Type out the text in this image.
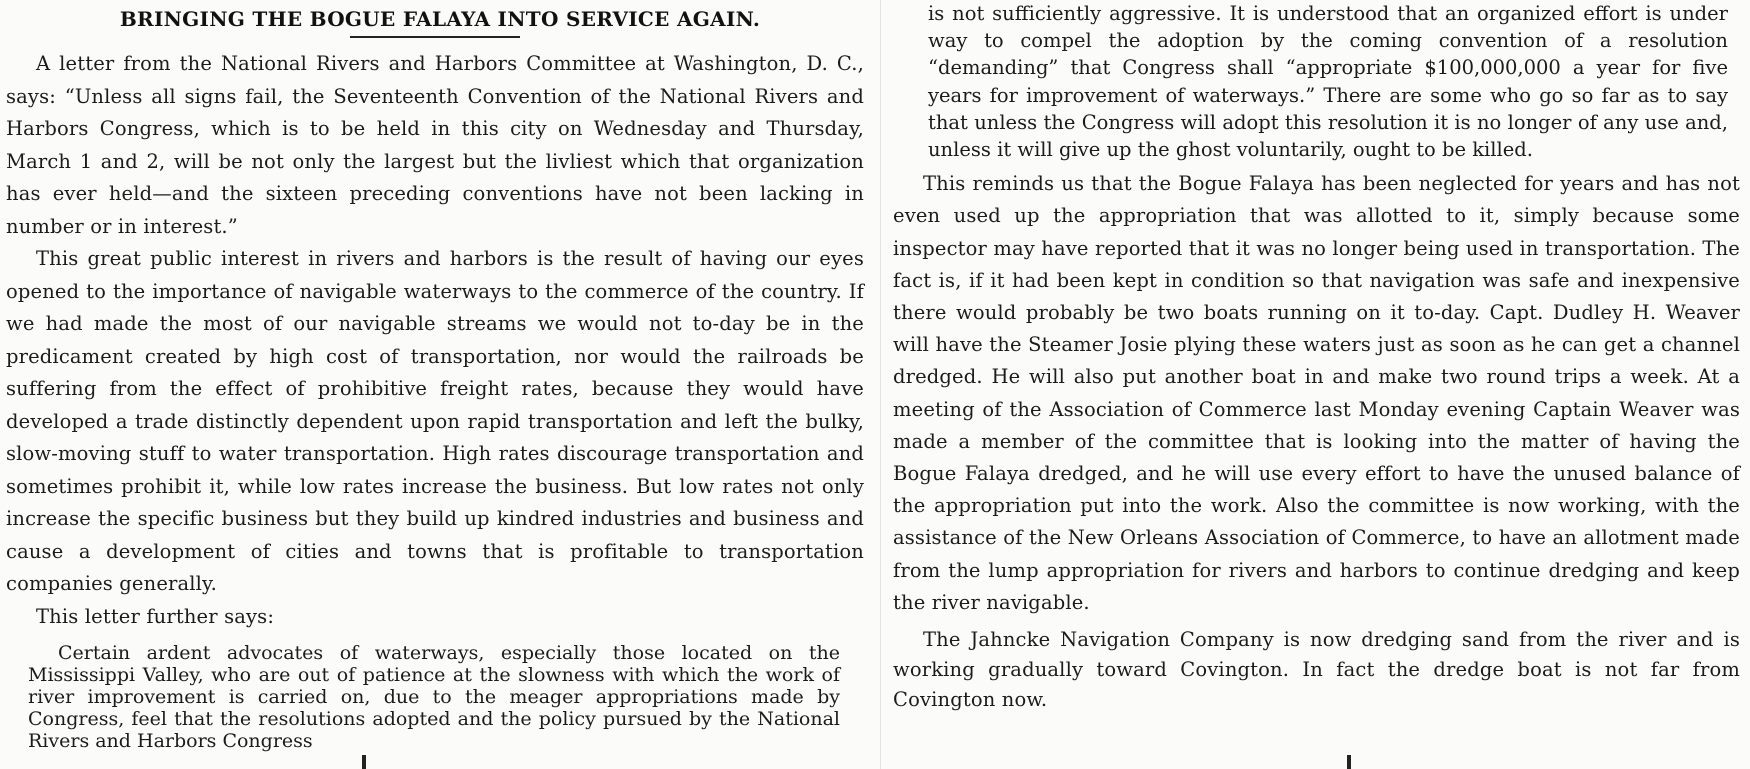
BRINGING THE BOGUE FALAYA INTO SERVICE AGAIN.

A letter from the National Rivers and Harbors Committee at Washington, D. C., says: “Unless all signs fail, the Seventeenth Convention of the National Rivers and Harbors Congress, which is to be held in this city on Wednesday and Thursday, March 1 and 2, will be not only the largest but the livliest which that organization has ever held—and the sixteen preceding conventions have not been lacking in number or in interest.”

This great public interest in rivers and harbors is the result of having our eyes opened to the importance of navigable waterways to the commerce of the country. If we had made the most of our navigable streams we would not to-day be in the predicament created by high cost of transportation, nor would the railroads be suffering from the effect of prohibitive freight rates, because they would have developed a trade distinctly dependent upon rapid transportation and left the bulky, slow-moving stuff to water transportation. High rates discourage transportation and sometimes prohibit it, while low rates increase the business. But low rates not only increase the specific business but they build up kindred industries and business and cause a development of cities and towns that is profitable to transportation companies generally.

This letter further says:

Certain ardent advocates of waterways, especially those located on the Mississippi Valley, who are out of patience at the slowness with which the work of river improvement is carried on, due to the meager appropriations made by Congress, feel that the resolutions adopted and the policy pursued by the National Rivers and Harbors Congress

is not sufficiently aggressive. It is understood that an organized effort is under way to compel the adoption by the coming convention of a resolution “demanding” that Congress shall “appropriate $100,000,000 a year for five years for improvement of waterways.” There are some who go so far as to say that unless the Congress will adopt this resolution it is no longer of any use and, unless it will give up the ghost voluntarily, ought to be killed.

This reminds us that the Bogue Falaya has been neglected for years and has not even used up the appropriation that was allotted to it, simply because some inspector may have reported that it was no longer being used in transportation. The fact is, if it had been kept in condition so that navigation was safe and inexpensive there would probably be two boats running on it to-day. Capt. Dudley H. Weaver will have the Steamer Josie plying these waters just as soon as he can get a channel dredged. He will also put another boat in and make two round trips a week. At a meeting of the Association of Commerce last Monday evening Captain Weaver was made a member of the committee that is looking into the matter of having the Bogue Falaya dredged, and he will use every effort to have the unused balance of the appropriation put into the work. Also the committee is now working, with the assistance of the New Orleans Association of Commerce, to have an allotment made from the lump appropriation for rivers and harbors to continue dredging and keep the river navigable.

The Jahncke Navigation Company is now dredging sand from the river and is working gradually toward Covington. In fact the dredge boat is not far from Covington now.
